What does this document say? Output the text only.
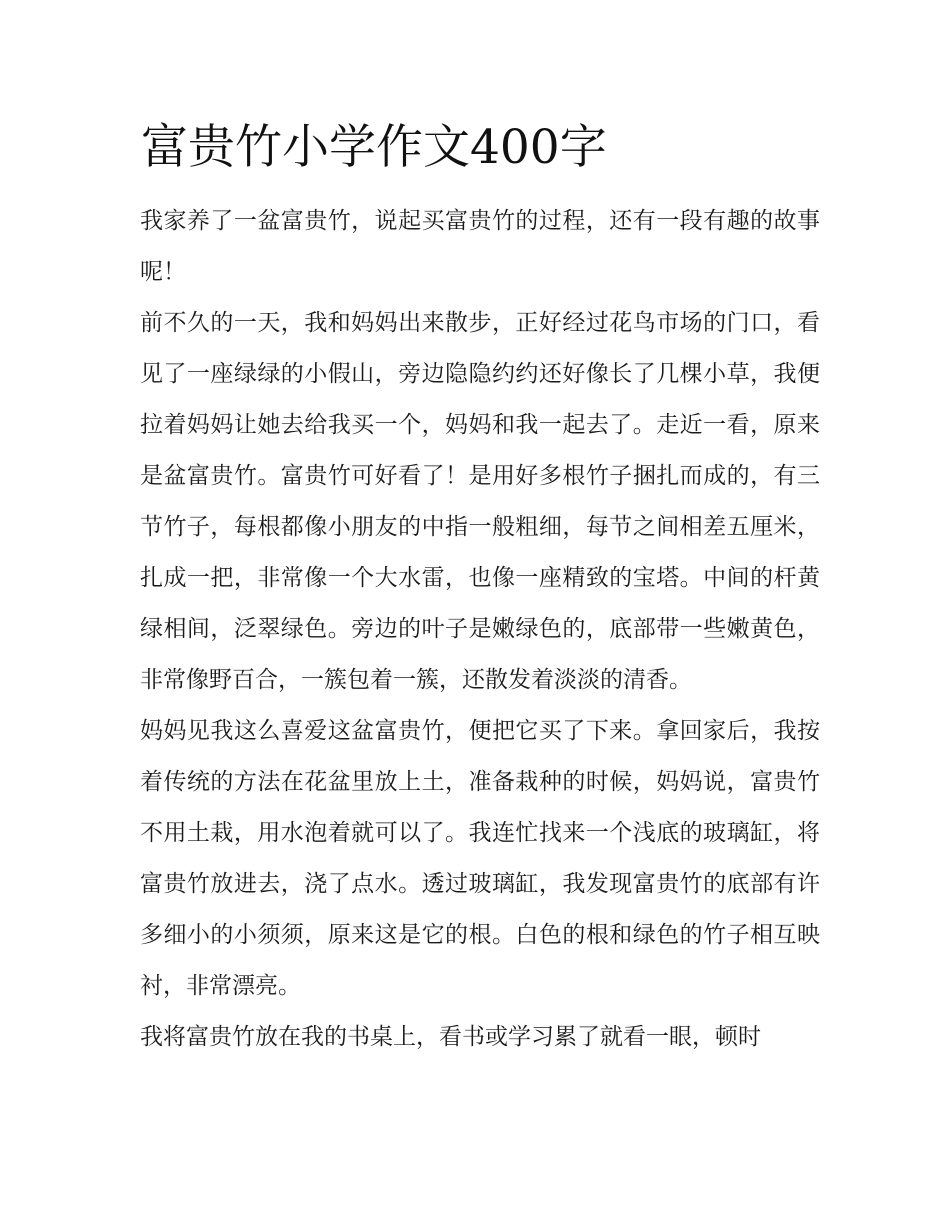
富贵竹小学作文400字

我家养了一盆富贵竹，说起买富贵竹的过程，还有一段有趣的故事呢！

前不久的一天，我和妈妈出来散步，正好经过花鸟市场的门口，看见了一座绿绿的小假山，旁边隐隐约约还好像长了几棵小草，我便拉着妈妈让她去给我买一个，妈妈和我一起去了。走近一看，原来是盆富贵竹。富贵竹可好看了！是用好多根竹子捆扎而成的，有三节竹子，每根都像小朋友的中指一般粗细，每节之间相差五厘米，扎成一把，非常像一个大水雷，也像一座精致的宝塔。中间的杆黄绿相间，泛翠绿色。旁边的叶子是嫩绿色的，底部带一些嫩黄色，非常像野百合，一簇包着一簇，还散发着淡淡的清香。

妈妈见我这么喜爱这盆富贵竹，便把它买了下来。拿回家后，我按着传统的方法在花盆里放上土，准备栽种的时候，妈妈说，富贵竹不用土栽，用水泡着就可以了。我连忙找来一个浅底的玻璃缸，将富贵竹放进去，浇了点水。透过玻璃缸，我发现富贵竹的底部有许多细小的小须须，原来这是它的根。白色的根和绿色的竹子相互映衬，非常漂亮。

我将富贵竹放在我的书桌上，看书或学习累了就看一眼，顿时
